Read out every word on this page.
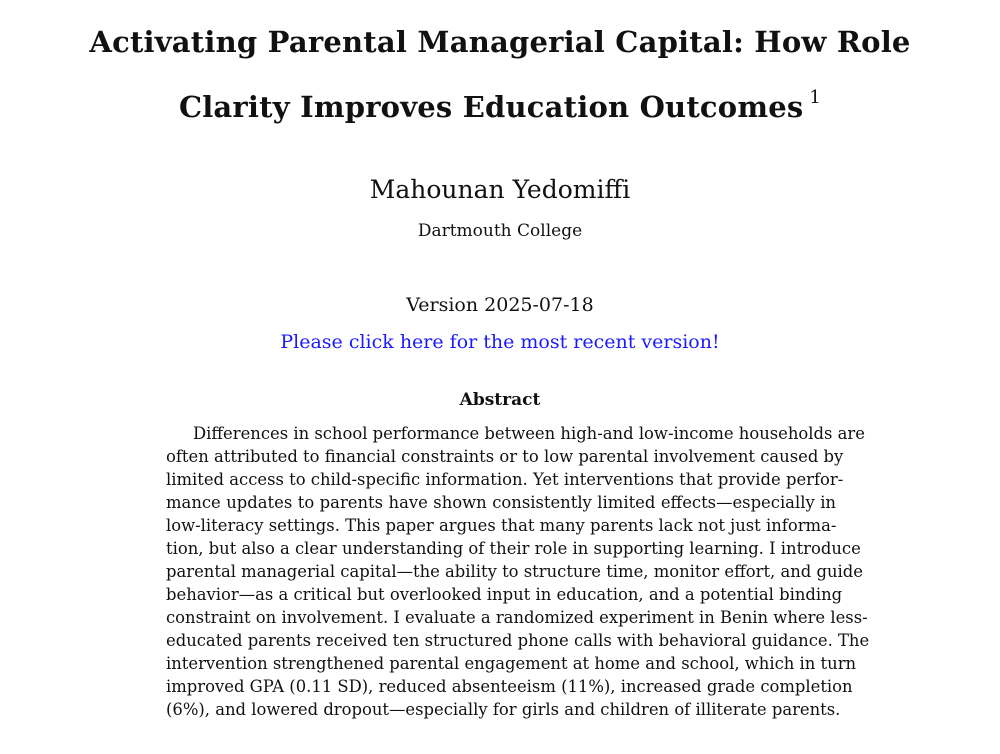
Activating Parental Managerial Capital: How Role
Clarity Improves Education Outcomes $^1$
Mahounan Yedomiffi
Dartmouth College
Version 2025-07-18
Please click here for the most recent version!
Abstract
Differences in school performance between high-and low-income households are
often attributed to financial constraints or to low parental involvement caused by
limited access to child-specific information. Yet interventions that provide perfor-
mance updates to parents have shown consistently limited effects—especially in
low-literacy settings. This paper argues that many parents lack not just informa-
tion, but also a clear understanding of their role in supporting learning. I introduce
parental managerial capital—the ability to structure time, monitor effort, and guide
behavior—as a critical but overlooked input in education, and a potential binding
constraint on involvement. I evaluate a randomized experiment in Benin where less-
educated parents received ten structured phone calls with behavioral guidance. The
intervention strengthened parental engagement at home and school, which in turn
improved GPA (0.11 SD), reduced absenteeism (11%), increased grade completion
(6%), and lowered dropout—especially for girls and children of illiterate parents.
